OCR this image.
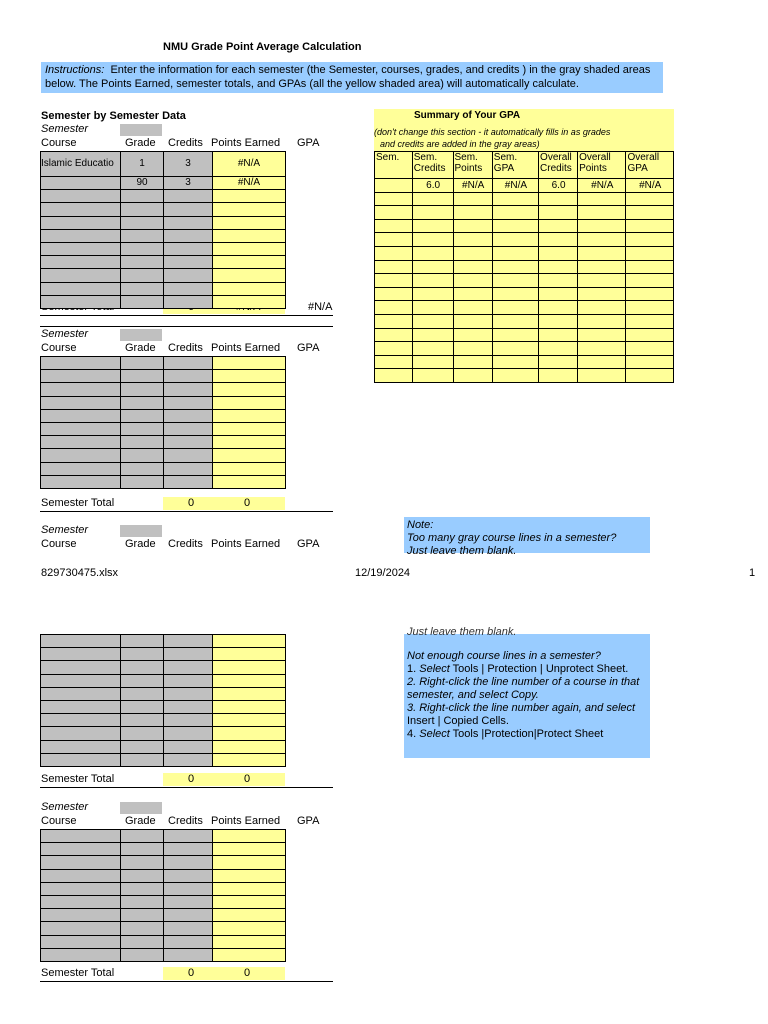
NMU Grade Point Average Calculation
Instructions: Enter the information for each semester (the Semester, courses, grades, and credits ) in the gray shaded areas below. The Points Earned, semester totals, and GPAs (all the yellow shaded area) will automatically calculate.
Semester by Semester Data
Semester
Course	Grade Credits Points Earned GPA
#N/A
Islamic Educatio	1	3	#N/A
	90	3	#N/A

Semester
Course	Grade Credits Points Earned GPA

Semester Total	0	0
Semester
Course	Grade Credits Points Earned GPA

Semester Total	0	0
Semester
Course	Grade Credits Points Earned GPA

Semester Total	0	0
Summary of Your GPA
(don't change this section - it automatically fills in as grades
and credits are added in the gray areas)
Sem.	Sem. Credits	Sem. Points	Sem. GPA	Overall Credits	Overall Points	Overall GPA
	6.0	#N/A	#N/A	6.0	#N/A	#N/A

Note:
Too many gray course lines in a semester?
Just leave them blank.
829730475.xlsx	12/19/2024	1
Just leave them blank.
Not enough course lines in a semester?
1. Select Tools | Protection | Unprotect Sheet.
2. Right-click the line number of a course in that semester, and select Copy.
3. Right-click the line number again, and select
Insert | Copied Cells.
4. Select Tools |Protection|Protect Sheet
